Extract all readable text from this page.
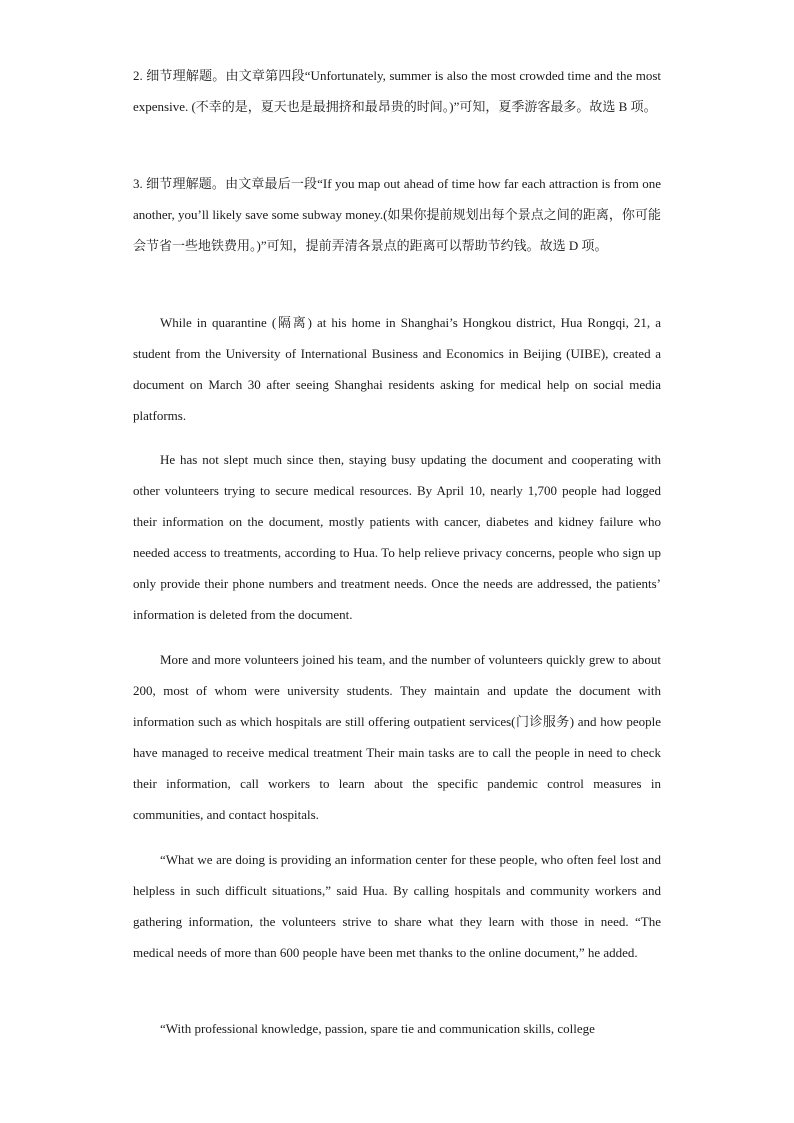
2. 细节理解题。由文章第四段“Unfortunately, summer is also the most crowded time and the most expensive. (不幸的是，夏天也是最拥挤和最昂贵的时间。)”可知，夏季游客最多。故选 B 项。

3. 细节理解题。由文章最后一段“If you map out ahead of time how far each attraction is from one another, you’ll likely save some subway money.(如果你提前规划出每个景点之间的距离，你可能会节省一些地铁费用。)”可知，提前弄清各景点的距离可以帮助节约钱。故选 D 项。

While in quarantine (隔离) at his home in Shanghai’s Hongkou district, Hua Rongqi, 21, a student from the University of International Business and Economics in Beijing (UIBE), created a document on March 30 after seeing Shanghai residents asking for medical help on social media platforms.

He has not slept much since then, staying busy updating the document and cooperating with other volunteers trying to secure medical resources. By April 10, nearly 1,700 people had logged their information on the document, mostly patients with cancer, diabetes and kidney failure who needed access to treatments, according to Hua. To help relieve privacy concerns, people who sign up only provide their phone numbers and treatment needs. Once the needs are addressed, the patients’ information is deleted from the document.

More and more volunteers joined his team, and the number of volunteers quickly grew to about 200, most of whom were university students. They maintain and update the document with information such as which hospitals are still offering outpatient services(门诊服务) and how people have managed to receive medical treatment Their main tasks are to call the people in need to check their information, call workers to learn about the specific pandemic control measures in communities, and contact hospitals.

“What we are doing is providing an information center for these people, who often feel lost and helpless in such difficult situations,” said Hua. By calling hospitals and community workers and gathering information, the volunteers strive to share what they learn with those in need. “The medical needs of more than 600 people have been met thanks to the online document,” he added.

“With professional knowledge, passion, spare tie and communication skills, college
